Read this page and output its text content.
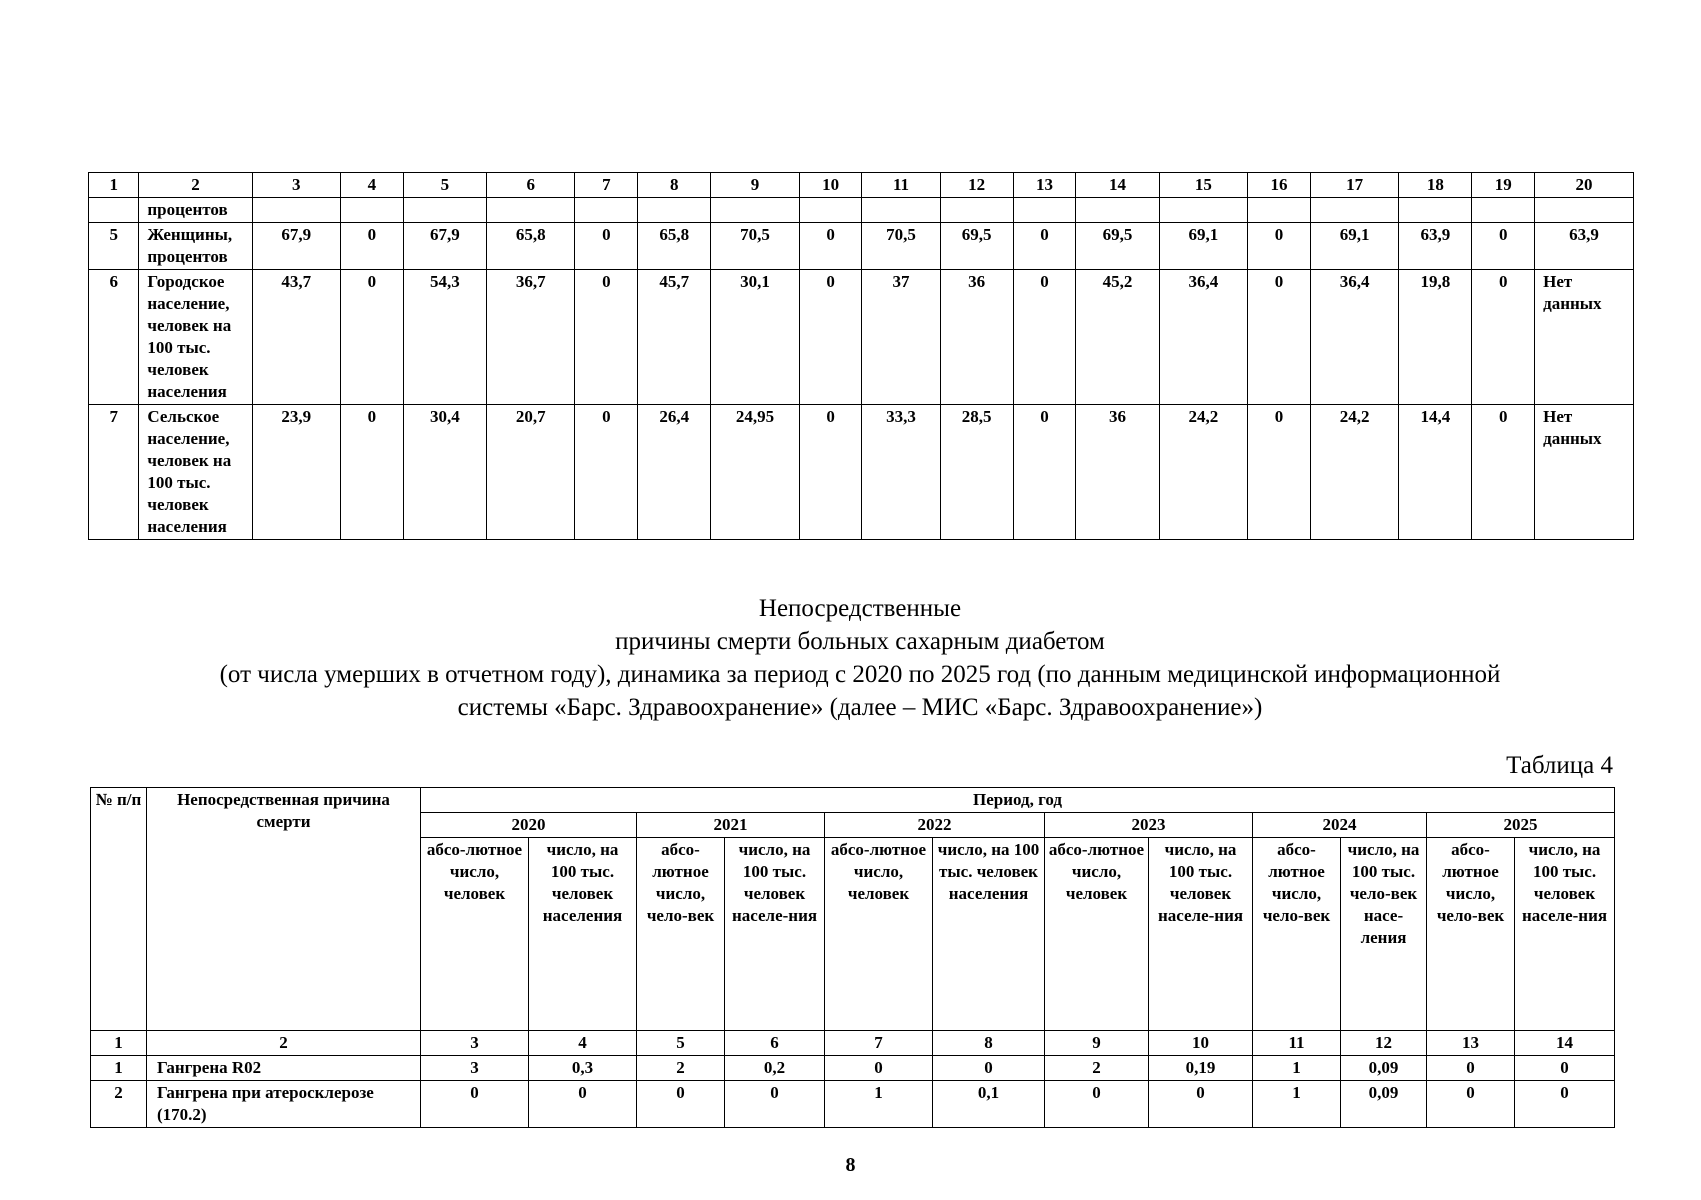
1	2	3	4	5	6	7	8	9	10	11	12	13	14	15	16	17	18	19	20
	процентов																		
5	Женщины, процентов	67,9	0	67,9	65,8	0	65,8	70,5	0	70,5	69,5	0	69,5	69,1	0	69,1	63,9	0	63,9
6	Городское население, человек на 100 тыс. человек населения	43,7	0	54,3	36,7	0	45,7	30,1	0	37	36	0	45,2	36,4	0	36,4	19,8	0	Нет данных
7	Сельское население, человек на 100 тыс. человек населения	23,9	0	30,4	20,7	0	26,4	24,95	0	33,3	28,5	0	36	24,2	0	24,2	14,4	0	Нет данных
Непосредственные
причины смерти больных сахарным диабетом
(от числа умерших в отчетном году), динамика за период с 2020 по 2025 год (по данным медицинской информационной
системы «Барс. Здравоохранение» (далее – МИС «Барс. Здравоохранение»)
Таблица 4
№ п/п	Непосредственная причина смерти	Период, год											
		2020		2021		2022		2023		2024		2025	
		абсо-лютное число, человек	число, на 100 тыс. человек населения	абсо-лютное число, чело-век	число, на 100 тыс. человек населе-ния	абсо-лютное число, человек	число, на 100 тыс. человек населения	абсо-лютное число, человек	число, на 100 тыс. человек населе-ния	абсо-лютное число, чело-век	число, на 100 тыс. чело-век насе-ления	абсо-лютное число, чело-век	число, на 100 тыс. человек населе-ния
1	2	3	4	5	6	7	8	9	10	11	12	13	14
1	Гангрена R02	3	0,3	2	0,2	0	0	2	0,19	1	0,09	0	0
2	Гангрена при атеросклерозе (170.2)	0	0	0	0	1	0,1	0	0	1	0,09	0	0
8
